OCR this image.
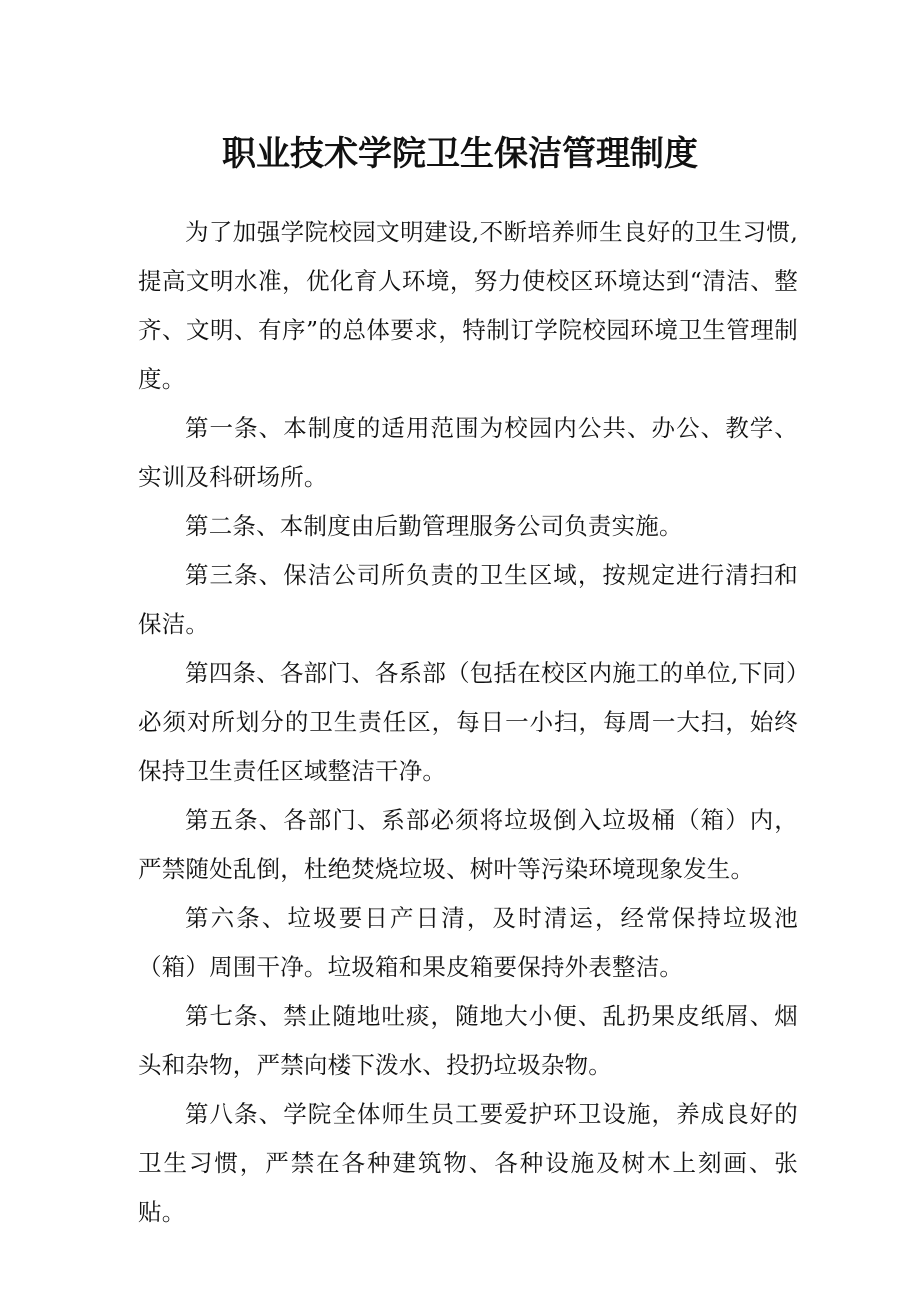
职业技术学院卫生保洁管理制度

为了加强学院校园文明建设,不断培养师生良好的卫生习惯,提高文明水准，优化育人环境，努力使校区环境达到“清洁、整齐、文明、有序”的总体要求，特制订学院校园环境卫生管理制度。

第一条、本制度的适用范围为校园内公共、办公、教学、实训及科研场所。

第二条、本制度由后勤管理服务公司负责实施。

第三条、保洁公司所负责的卫生区域，按规定进行清扫和保洁。

第四条、各部门、各系部（包括在校区内施工的单位,下同）必须对所划分的卫生责任区，每日一小扫，每周一大扫，始终保持卫生责任区域整洁干净。

第五条、各部门、系部必须将垃圾倒入垃圾桶（箱）内，严禁随处乱倒，杜绝焚烧垃圾、树叶等污染环境现象发生。

第六条、垃圾要日产日清，及时清运，经常保持垃圾池（箱）周围干净。垃圾箱和果皮箱要保持外表整洁。

第七条、禁止随地吐痰，随地大小便、乱扔果皮纸屑、烟头和杂物，严禁向楼下泼水、投扔垃圾杂物。

第八条、学院全体师生员工要爱护环卫设施，养成良好的卫生习惯，严禁在各种建筑物、各种设施及树木上刻画、张贴。
